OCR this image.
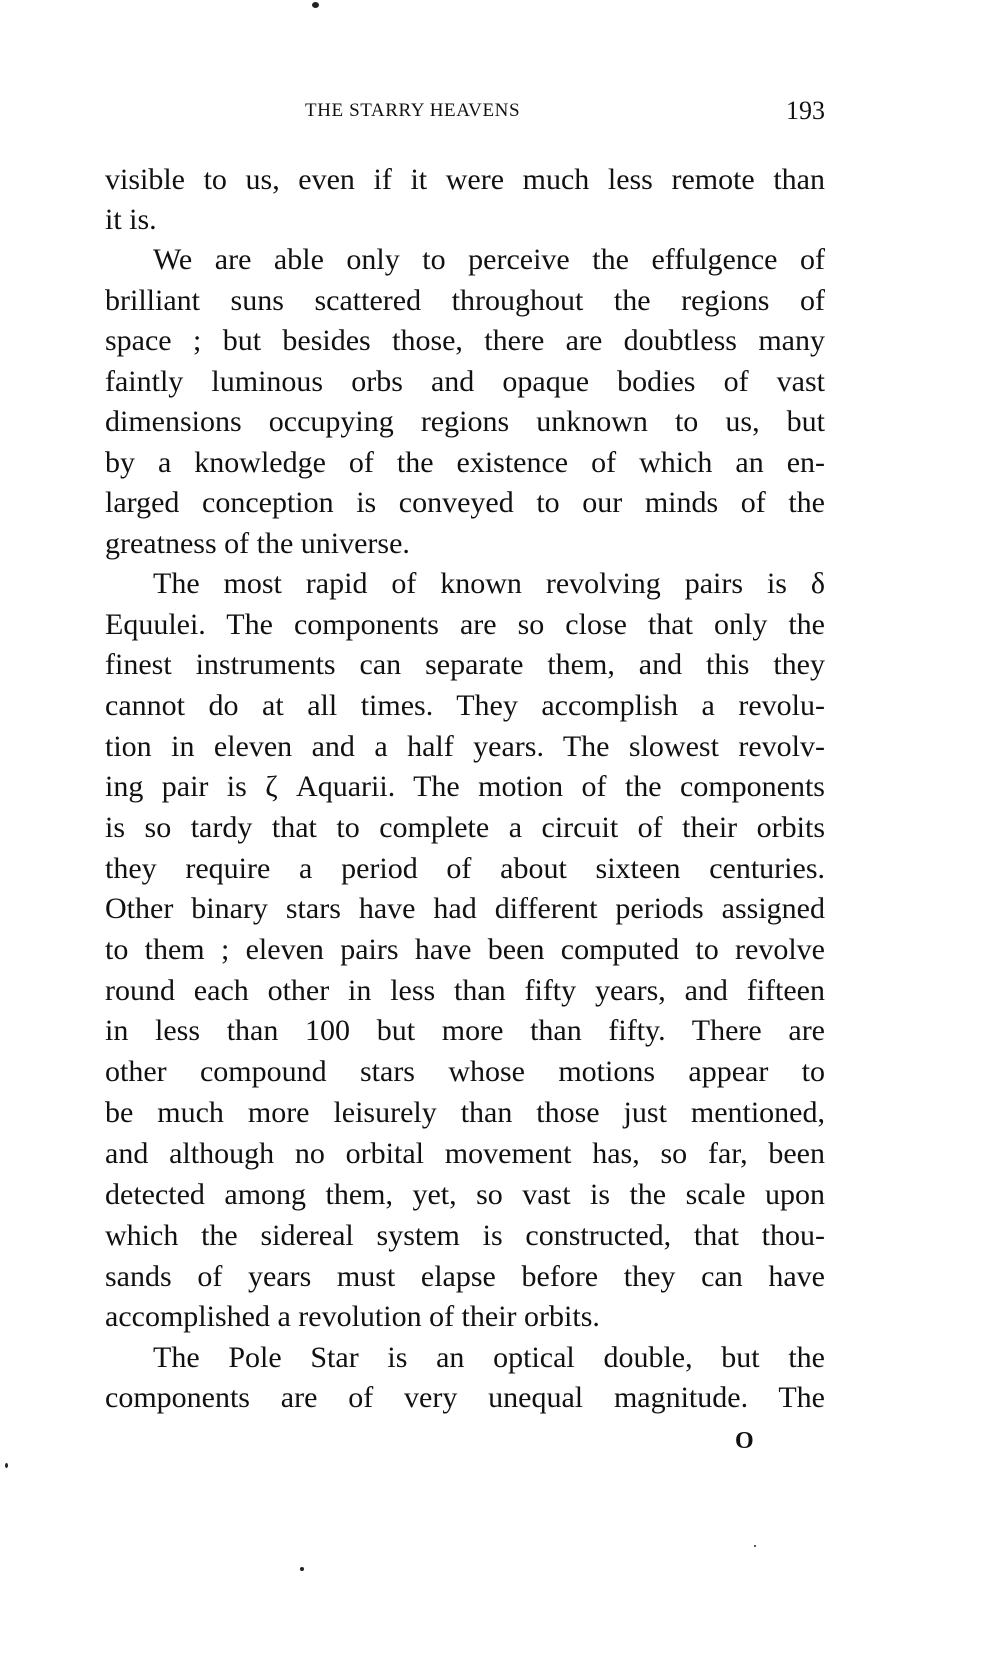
THE STARRY HEAVENS	193
visible to us, even if it were much less remote than
it is.
We are able only to perceive the effulgence of
brilliant suns scattered throughout the regions of
space ; but besides those, there are doubtless many
faintly luminous orbs and opaque bodies of vast
dimensions occupying regions unknown to us, but
by a knowledge of the existence of which an en-
larged conception is conveyed to our minds of the
greatness of the universe.
The most rapid of known revolving pairs is δ
Equulei. The components are so close that only the
finest instruments can separate them, and this they
cannot do at all times. They accomplish a revolu-
tion in eleven and a half years. The slowest revolv-
ing pair is ζ Aquarii. The motion of the components
is so tardy that to complete a circuit of their orbits
they require a period of about sixteen centuries.
Other binary stars have had different periods assigned
to them ; eleven pairs have been computed to revolve
round each other in less than fifty years, and fifteen
in less than 100 but more than fifty. There are
other compound stars whose motions appear to
be much more leisurely than those just mentioned,
and although no orbital movement has, so far, been
detected among them, yet, so vast is the scale upon
which the sidereal system is constructed, that thou-
sands of years must elapse before they can have
accomplished a revolution of their orbits.
The Pole Star is an optical double, but the
components are of very unequal magnitude. The
O
